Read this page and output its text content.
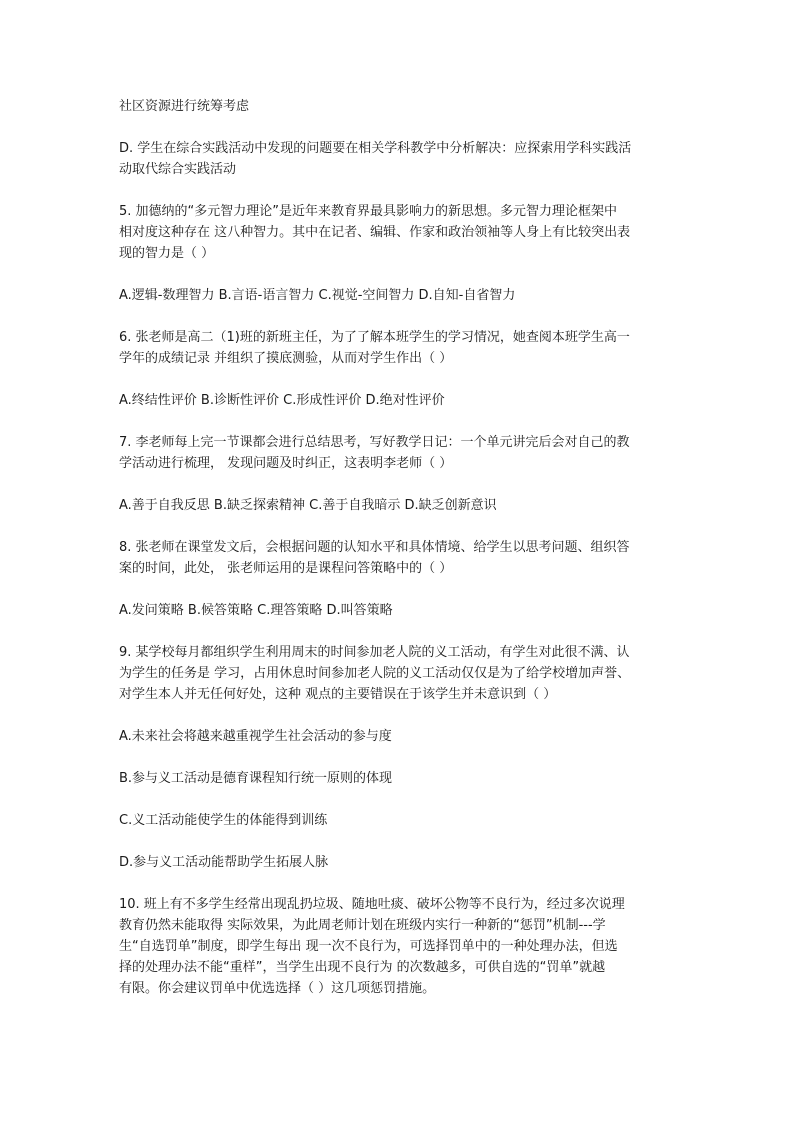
社区资源进行统筹考虑
D. 学生在综合实践活动中发现的问题要在相关学科教学中分析解决：应探索用学科实践活
动取代综合实践活动
5. 加德纳的“多元智力理论”是近年来教育界最具影响力的新思想。多元智力理论框架中
相对度这种存在 这八种智力。其中在记者、编辑、作家和政治领袖等人身上有比较突出表
现的智力是（ ）
A.逻辑-数理智力 B.言语-语言智力 C.视觉-空间智力 D.自知-自省智力
6. 张老师是高二（1)班的新班主任，为了了解本班学生的学习情况，她查阅本班学生高一
学年的成绩记录 并组织了摸底测验，从而对学生作出（ ）
A.终结性评价 B.诊断性评价 C.形成性评价 D.绝对性评价
7. 李老师每上完一节课都会进行总结思考，写好教学日记：一个单元讲完后会对自己的教
学活动进行梳理， 发现问题及时纠正，这表明李老师（ ）
A.善于自我反思 B.缺乏探索精神 C.善于自我暗示 D.缺乏创新意识
8. 张老师在课堂发文后，会根据问题的认知水平和具体情境、给学生以思考问题、组织答
案的时间，此处， 张老师运用的是课程问答策略中的（ ）
A.发问策略 B.候答策略 C.理答策略 D.叫答策略
9. 某学校每月都组织学生利用周末的时间参加老人院的义工活动，有学生对此很不满、认
为学生的任务是 学习，占用休息时间参加老人院的义工活动仅仅是为了给学校增加声誉、
对学生本人并无任何好处，这种 观点的主要错误在于该学生并未意识到（ ）
A.未来社会将越来越重视学生社会活动的参与度
B.参与义工活动是德育课程知行统一原则的体现
C.义工活动能使学生的体能得到训练
D.参与义工活动能帮助学生拓展人脉
10. 班上有不多学生经常出现乱扔垃圾、随地吐痰、破坏公物等不良行为，经过多次说理
教育仍然未能取得 实际效果，为此周老师计划在班级内实行一种新的“惩罚”机制---学
生“自选罚单”制度，即学生每出 现一次不良行为，可选择罚单中的一种处理办法，但选
择的处理办法不能“重样”，当学生出现不良行为 的次数越多，可供自选的“罚单”就越
有限。你会建议罚单中优选选择（ ）这几项惩罚措施。
